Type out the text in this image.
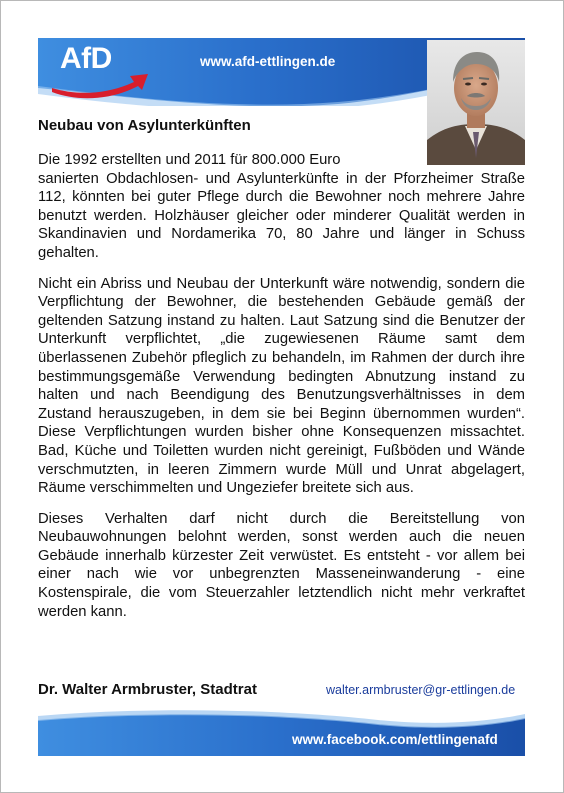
AfD	www.afd-ettlingen.de
Neubau von Asylunterkünften

Die 1992 erstellten und 2011 für 800.000 Euro
sanierten Obdachlosen- und Asylunterkünfte in der Pforzheimer Straße 112, könnten bei guter Pflege durch die Bewohner noch mehrere Jahre benutzt werden. Holzhäuser gleicher oder minderer Qualität werden in Skandinavien und Nordamerika 70, 80 Jahre und länger in Schuss gehalten.

Nicht ein Abriss und Neubau der Unterkunft wäre notwendig, sondern die Verpflichtung der Bewohner, die bestehenden Gebäude gemäß der geltenden Satzung instand zu halten. Laut Satzung sind die Benutzer der Unterkunft verpflichtet, „die zugewiesenen Räume samt dem überlassenen Zubehör pfleglich zu behandeln, im Rahmen der durch ihre bestimmungsgemäße Verwendung bedingten Abnutzung instand zu halten und nach Beendigung des Benutzungsverhältnisses in dem Zustand herauszugeben, in dem sie bei Beginn übernommen wurden“. Diese Verpflichtungen wurden bisher ohne Konsequenzen missachtet. Bad, Küche und Toiletten wurden nicht gereinigt, Fußböden und Wände verschmutzten, in leeren Zimmern wurde Müll und Unrat abgelagert, Räume verschimmelten und Ungeziefer breitete sich aus.

Dieses Verhalten darf nicht durch die Bereitstellung von Neubauwohnungen belohnt werden, sonst werden auch die neuen Gebäude innerhalb kürzester Zeit verwüstet. Es entsteht - vor allem bei einer nach wie vor unbegrenzten Masseneinwanderung - eine Kostenspirale, die vom Steuerzahler letztendlich nicht mehr verkraftet werden kann.

Dr. Walter Armbruster, Stadtrat	walter.armbruster@gr-ettlingen.de
www.facebook.com/ettlingenafd
